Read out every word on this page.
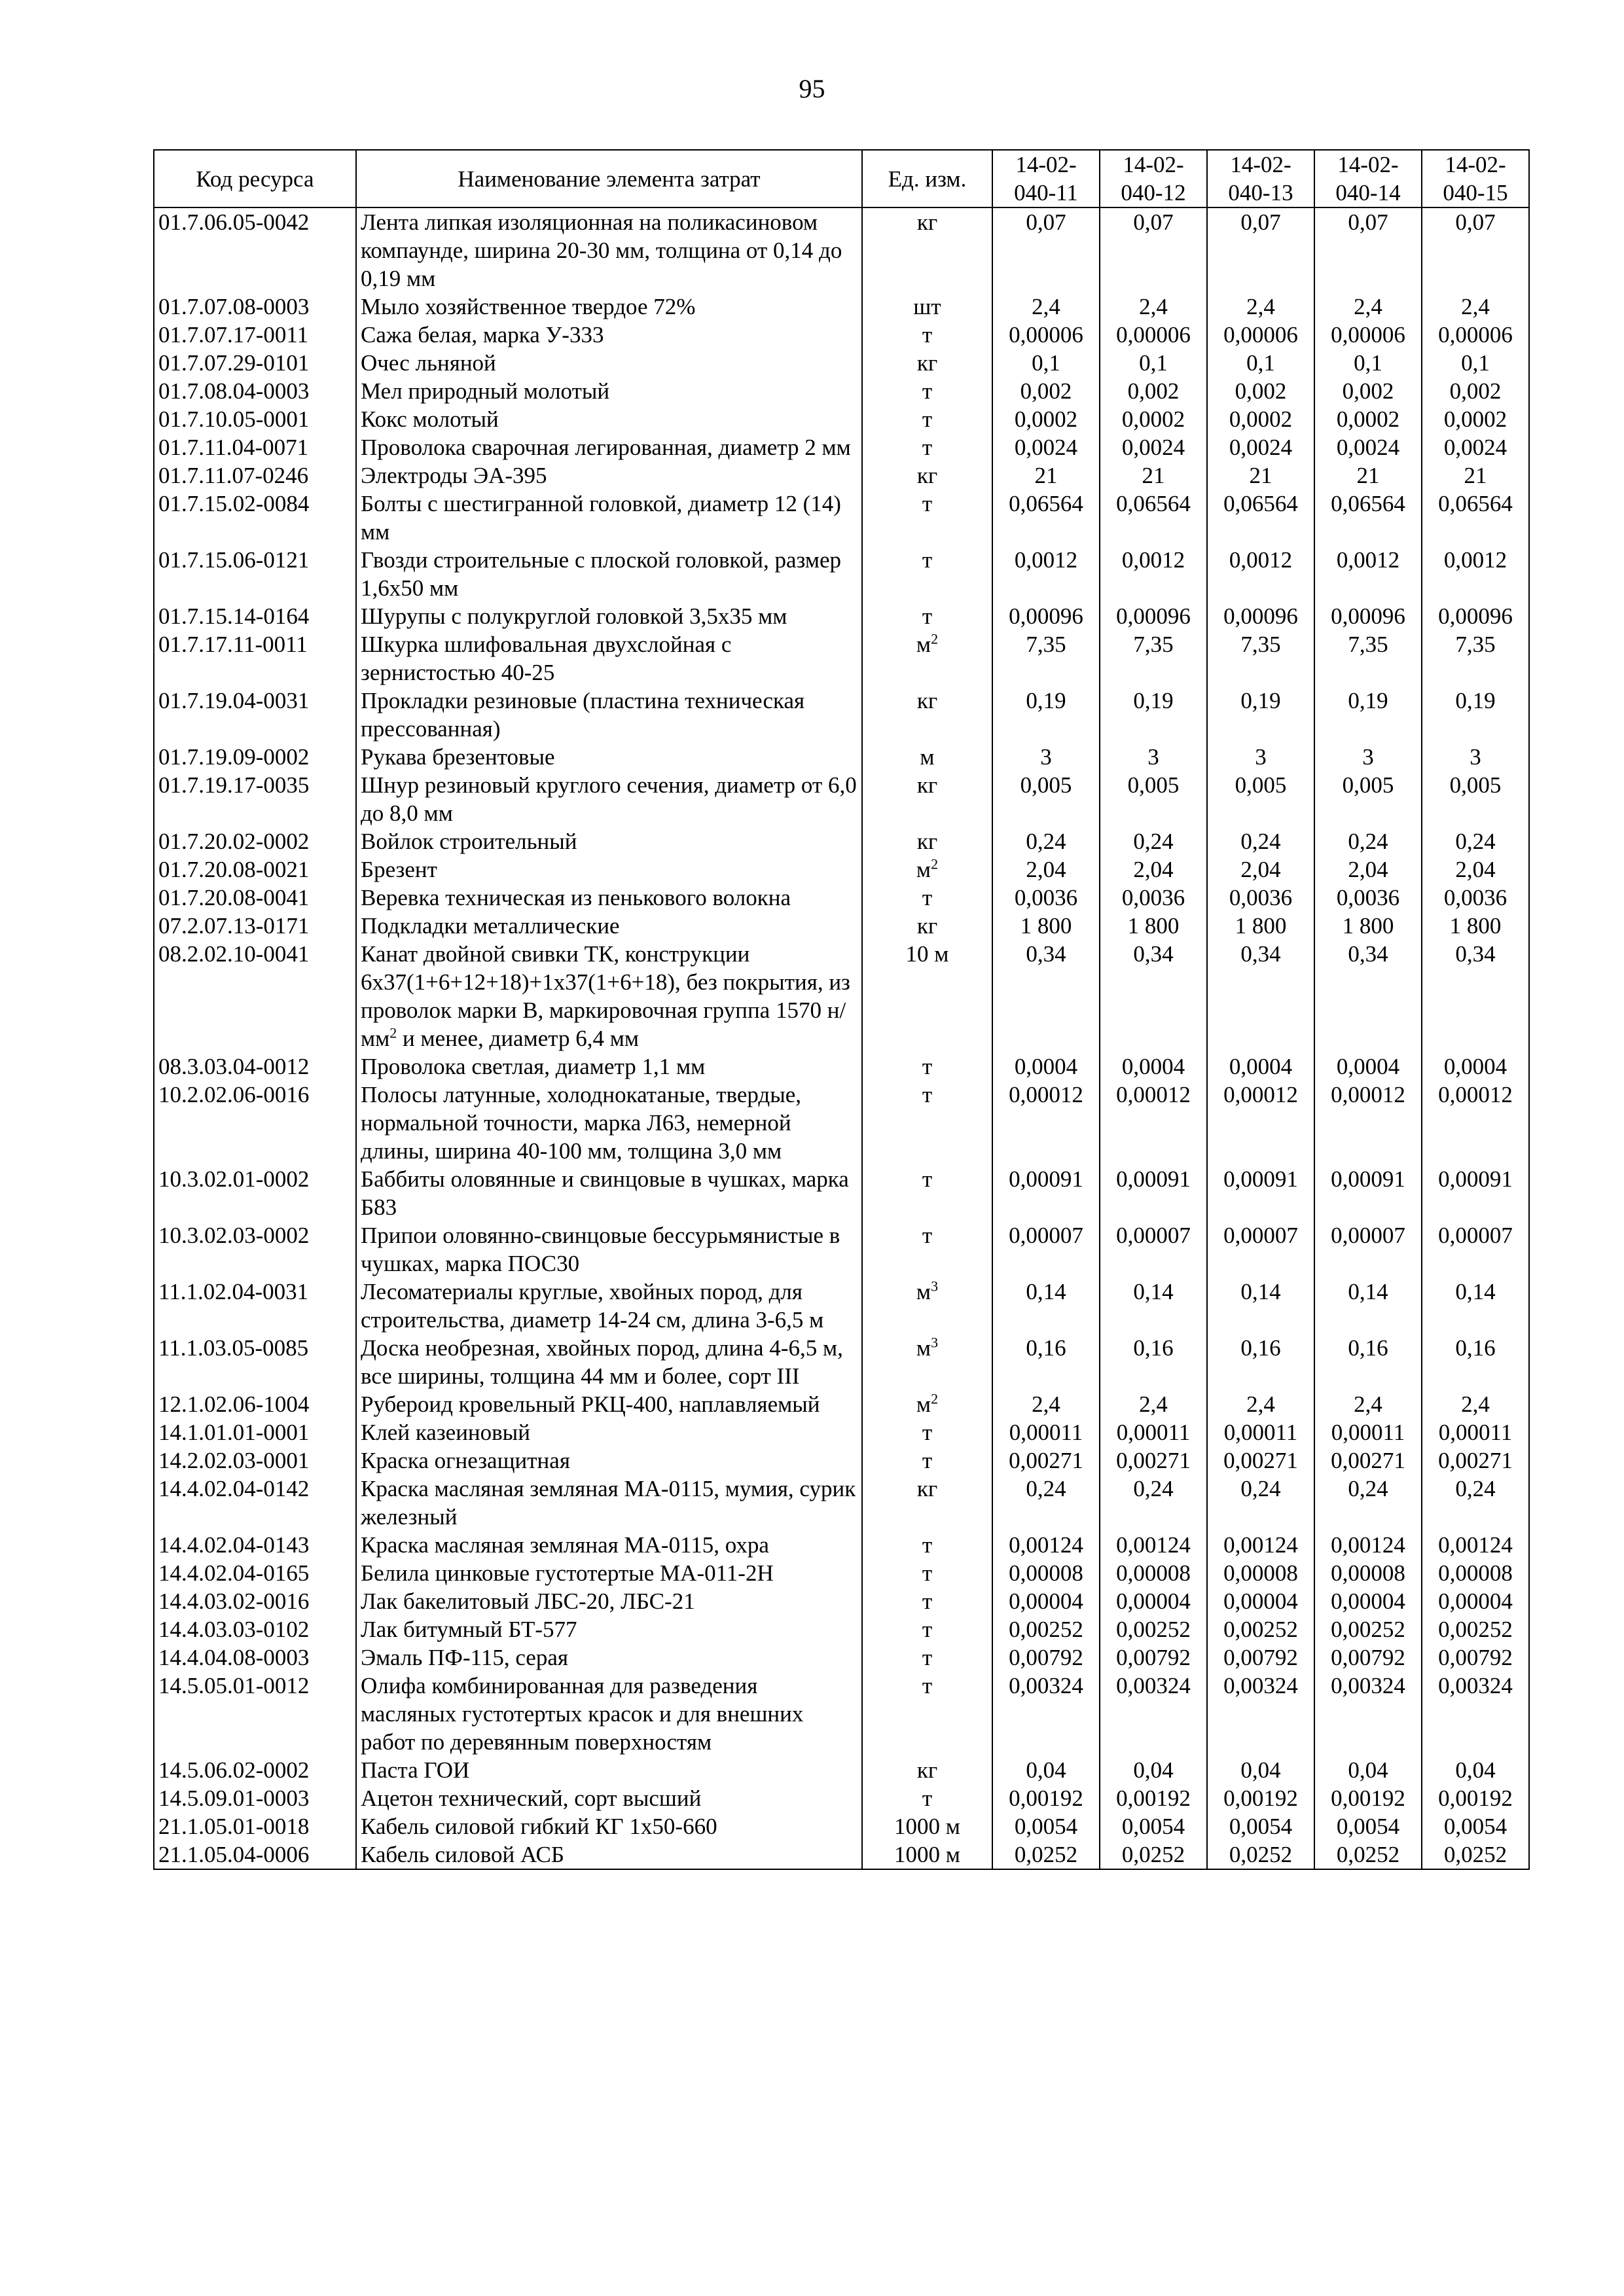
95
Код ресурса	Наименование элемента затрат	Ед. изм.	14-02-040-11	14-02-040-12	14-02-040-13	14-02-040-14	14-02-040-15
01.7.06.05-0042	Лента липкая изоляционная на поликасиновом компаунде, ширина 20-30 мм, толщина от 0,14 до 0,19 мм	кг	0,07	0,07	0,07	0,07	0,07
01.7.07.08-0003	Мыло хозяйственное твердое 72%	шт	2,4	2,4	2,4	2,4	2,4
01.7.07.17-0011	Сажа белая, марка У-333	т	0,00006	0,00006	0,00006	0,00006	0,00006
01.7.07.29-0101	Очес льняной	кг	0,1	0,1	0,1	0,1	0,1
01.7.08.04-0003	Мел природный молотый	т	0,002	0,002	0,002	0,002	0,002
01.7.10.05-0001	Кокс молотый	т	0,0002	0,0002	0,0002	0,0002	0,0002
01.7.11.04-0071	Проволока сварочная легированная, диаметр 2 мм	т	0,0024	0,0024	0,0024	0,0024	0,0024
01.7.11.07-0246	Электроды ЭА-395	кг	21	21	21	21	21
01.7.15.02-0084	Болты с шестигранной головкой, диаметр 12 (14) мм	т	0,06564	0,06564	0,06564	0,06564	0,06564
01.7.15.06-0121	Гвозди строительные с плоской головкой, размер 1,6х50 мм	т	0,0012	0,0012	0,0012	0,0012	0,0012
01.7.15.14-0164	Шурупы с полукруглой головкой 3,5х35 мм	т	0,00096	0,00096	0,00096	0,00096	0,00096
01.7.17.11-0011	Шкурка шлифовальная двухслойная с зернистостью 40-25	$м^2$	7,35	7,35	7,35	7,35	7,35
01.7.19.04-0031	Прокладки резиновые (пластина техническая прессованная)	кг	0,19	0,19	0,19	0,19	0,19
01.7.19.09-0002	Рукава брезентовые	м	3	3	3	3	3
01.7.19.17-0035	Шнур резиновый круглого сечения, диаметр от 6,0 до 8,0 мм	кг	0,005	0,005	0,005	0,005	0,005
01.7.20.02-0002	Войлок строительный	кг	0,24	0,24	0,24	0,24	0,24
01.7.20.08-0021	Брезент	$м^2$	2,04	2,04	2,04	2,04	2,04
01.7.20.08-0041	Веревка техническая из пенькового волокна	т	0,0036	0,0036	0,0036	0,0036	0,0036
07.2.07.13-0171	Подкладки металлические	кг	1 800	1 800	1 800	1 800	1 800
08.2.02.10-0041	Канат двойной свивки ТК, конструкции 6х37(1+6+12+18)+1х37(1+6+18), без покрытия, из проволок марки В, маркировочная группа 1570 $н/мм^2$ и менее, диаметр 6,4 мм	10 м	0,34	0,34	0,34	0,34	0,34
08.3.03.04-0012	Проволока светлая, диаметр 1,1 мм	т	0,0004	0,0004	0,0004	0,0004	0,0004
10.2.02.06-0016	Полосы латунные, холоднокатаные, твердые, нормальной точности, марка Л63, немерной длины, ширина 40-100 мм, толщина 3,0 мм	т	0,00012	0,00012	0,00012	0,00012	0,00012
10.3.02.01-0002	Баббиты оловянные и свинцовые в чушках, марка Б83	т	0,00091	0,00091	0,00091	0,00091	0,00091
10.3.02.03-0002	Припои оловянно-свинцовые бессурьмянистые в чушках, марка ПОС30	т	0,00007	0,00007	0,00007	0,00007	0,00007
11.1.02.04-0031	Лесоматериалы круглые, хвойных пород, для строительства, диаметр 14-24 см, длина 3-6,5 м	$м^3$	0,14	0,14	0,14	0,14	0,14
11.1.03.05-0085	Доска необрезная, хвойных пород, длина 4-6,5 м, все ширины, толщина 44 мм и более, сорт III	$м^3$	0,16	0,16	0,16	0,16	0,16
12.1.02.06-1004	Рубероид кровельный РКЦ-400, наплавляемый	$м^2$	2,4	2,4	2,4	2,4	2,4
14.1.01.01-0001	Клей казеиновый	т	0,00011	0,00011	0,00011	0,00011	0,00011
14.2.02.03-0001	Краска огнезащитная	т	0,00271	0,00271	0,00271	0,00271	0,00271
14.4.02.04-0142	Краска масляная земляная МА-0115, мумия, сурик железный	кг	0,24	0,24	0,24	0,24	0,24
14.4.02.04-0143	Краска масляная земляная МА-0115, охра	т	0,00124	0,00124	0,00124	0,00124	0,00124
14.4.02.04-0165	Белила цинковые густотертые МА-011-2Н	т	0,00008	0,00008	0,00008	0,00008	0,00008
14.4.03.02-0016	Лак бакелитовый ЛБС-20, ЛБС-21	т	0,00004	0,00004	0,00004	0,00004	0,00004
14.4.03.03-0102	Лак битумный БТ-577	т	0,00252	0,00252	0,00252	0,00252	0,00252
14.4.04.08-0003	Эмаль ПФ-115, серая	т	0,00792	0,00792	0,00792	0,00792	0,00792
14.5.05.01-0012	Олифа комбинированная для разведения масляных густотертых красок и для внешних работ по деревянным поверхностям	т	0,00324	0,00324	0,00324	0,00324	0,00324
14.5.06.02-0002	Паста ГОИ	кг	0,04	0,04	0,04	0,04	0,04
14.5.09.01-0003	Ацетон технический, сорт высший	т	0,00192	0,00192	0,00192	0,00192	0,00192
21.1.05.01-0018	Кабель силовой гибкий КГ 1х50-660	1000 м	0,0054	0,0054	0,0054	0,0054	0,0054
21.1.05.04-0006	Кабель силовой АСБ	1000 м	0,0252	0,0252	0,0252	0,0252	0,0252
